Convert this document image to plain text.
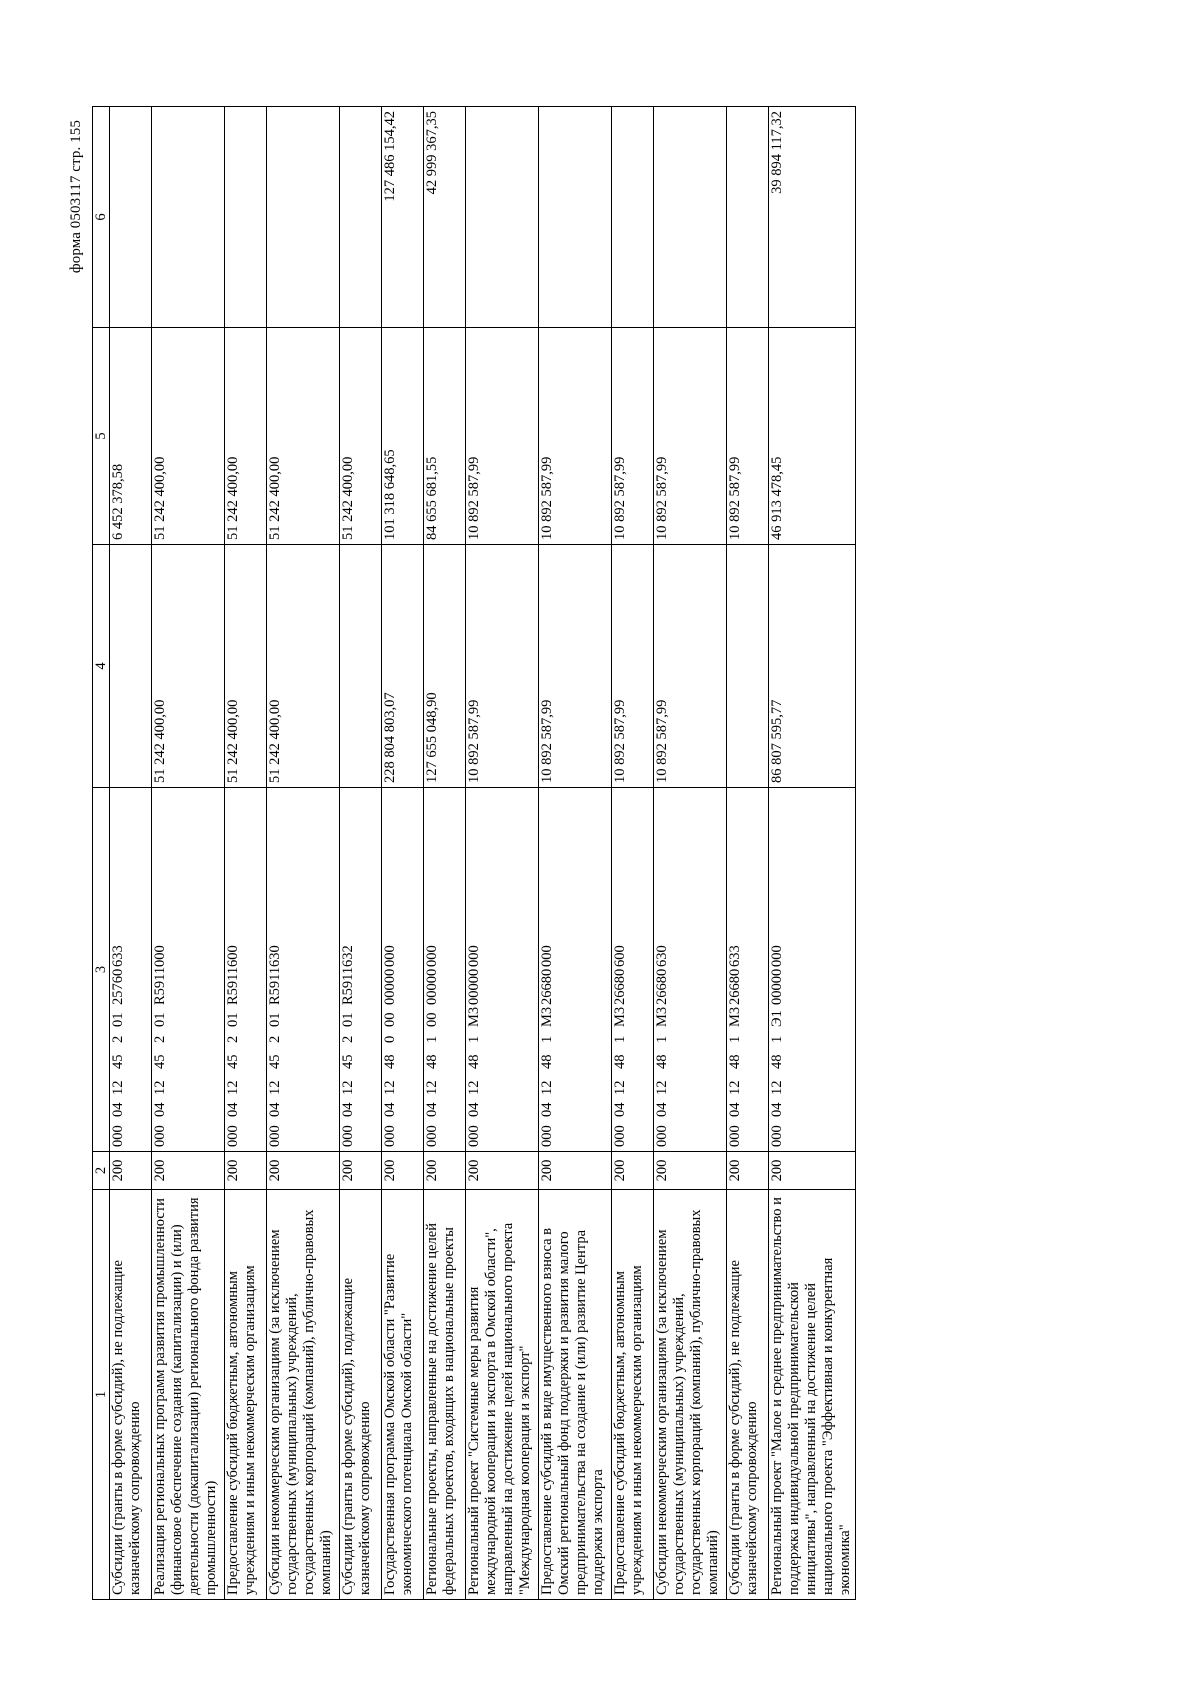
форма 0503117 стр. 155
1	2	3	4	5	6
Субсидии (гранты в форме субсидий), не подлежащие казначейскому сопровождению	200	00004124520125760633		6 452 378,58	
Реализация региональных программ развития промышленности (финансовое обеспечение создания (капитализации) и (или) деятельности (докапитализации) регионального фонда развития промышленности)	200	000041245201R5911000	51 242 400,00	51 242 400,00	
Предоставление субсидий бюджетным, автономным учреждениям и иным некоммерческим организациям	200	000041245201R5911600	51 242 400,00	51 242 400,00	
Субсидии некоммерческим организациям (за исключением государственных (муниципальных) учреждений, государственных корпораций (компаний), публично-правовых компаний)	200	000041245201R5911630	51 242 400,00	51 242 400,00	
Субсидии (гранты в форме субсидий), подлежащие казначейскому сопровождению	200	000041245201R5911632		51 242 400,00	
Государственная программа Омской области "Развитие экономического потенциала Омской области"	200	00004124800000000000	228 804 803,07	101 318 648,65	127 486 154,42
Региональные проекты, направленные на достижение целей федеральных проектов, входящих в национальные проекты	200	00004124810000000000	127 655 048,90	84 655 681,55	42 999 367,35
Региональный проект "Системные меры развития международной кооперации и экспорта в Омской области", направленный на достижение целей национального проекта "Международная кооперация и экспорт"	200	0000412481М300000000	10 892 587,99	10 892 587,99	
Предоставление субсидий в виде имущественного взноса в Омский региональный фонд поддержки и развития малого предпринимательства на создание и (или) развитие Центра поддержки экспорта	200	0000412481М326680000	10 892 587,99	10 892 587,99	
Предоставление субсидий бюджетным, автономным учреждениям и иным некоммерческим организациям	200	0000412481М326680600	10 892 587,99	10 892 587,99	
Субсидии некоммерческим организациям (за исключением государственных (муниципальных) учреждений, государственных корпораций (компаний), публично-правовых компаний)	200	0000412481М326680630	10 892 587,99	10 892 587,99	
Субсидии (гранты в форме субсидий), не подлежащие казначейскому сопровождению	200	0000412481М326680633		10 892 587,99	
Региональный проект "Малое и среднее предпринимательство и поддержка индивидуальной предпринимательской инициативы", направленный на достижение целей национального проекта "Эффективная и конкурентная экономика"	200	0000412481Э100000000	86 807 595,77	46 913 478,45	39 894 117,32
